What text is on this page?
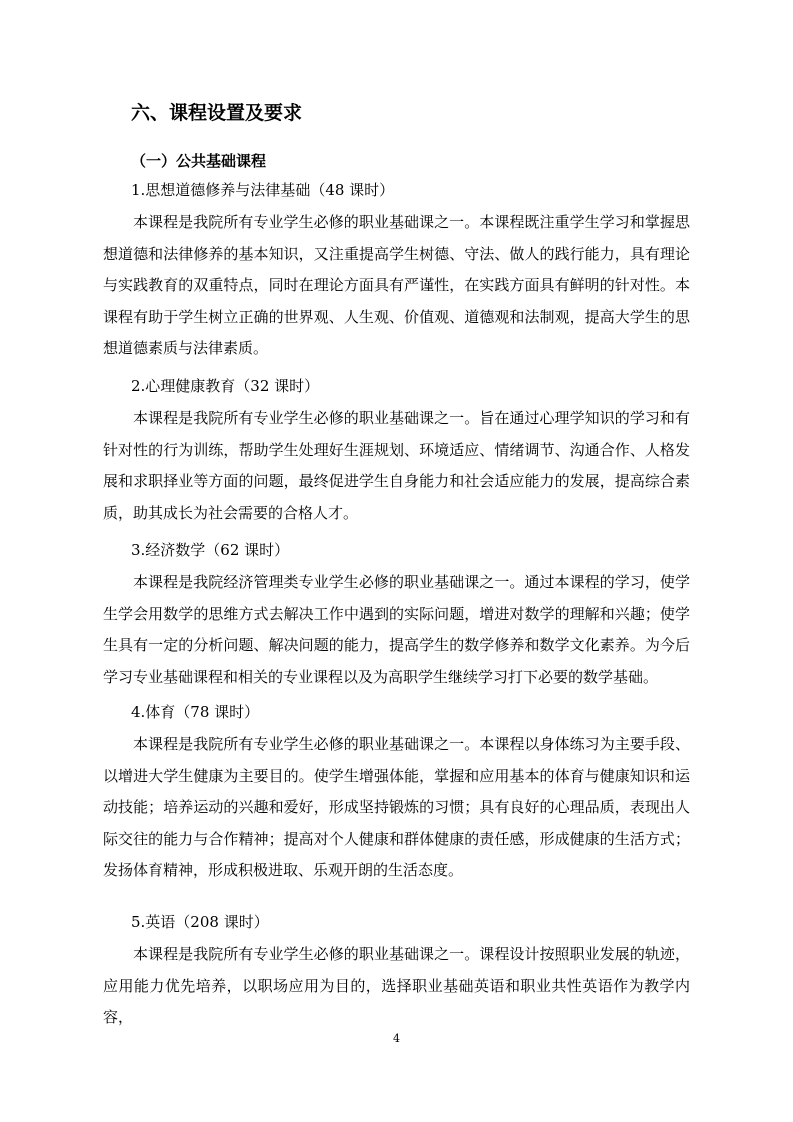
六、课程设置及要求
（一）公共基础课程
1.思想道德修养与法律基础（48 课时）

本课程是我院所有专业学生必修的职业基础课之一。本课程既注重学生学习和掌握思想道德和法律修养的基本知识，又注重提高学生树德、守法、做人的践行能力，具有理论与实践教育的双重特点，同时在理论方面具有严谨性，在实践方面具有鲜明的针对性。本课程有助于学生树立正确的世界观、人生观、价值观、道德观和法制观，提高大学生的思想道德素质与法律素质。

2.心理健康教育（32 课时）

本课程是我院所有专业学生必修的职业基础课之一。旨在通过心理学知识的学习和有针对性的行为训练，帮助学生处理好生涯规划、环境适应、情绪调节、沟通合作、人格发展和求职择业等方面的问题，最终促进学生自身能力和社会适应能力的发展，提高综合素质，助其成长为社会需要的合格人才。

3.经济数学（62 课时）

本课程是我院经济管理类专业学生必修的职业基础课之一。通过本课程的学习，使学生学会用数学的思维方式去解决工作中遇到的实际问题，增进对数学的理解和兴趣；使学生具有一定的分析问题、解决问题的能力，提高学生的数学修养和数学文化素养。为今后学习专业基础课程和相关的专业课程以及为高职学生继续学习打下必要的数学基础。

4.体育（78 课时）

本课程是我院所有专业学生必修的职业基础课之一。本课程以身体练习为主要手段、以增进大学生健康为主要目的。使学生增强体能，掌握和应用基本的体育与健康知识和运动技能；培养运动的兴趣和爱好，形成坚持锻炼的习惯；具有良好的心理品质，表现出人际交往的能力与合作精神；提高对个人健康和群体健康的责任感，形成健康的生活方式；发扬体育精神，形成积极进取、乐观开朗的生活态度。

5.英语（208 课时）

本课程是我院所有专业学生必修的职业基础课之一。课程设计按照职业发展的轨迹，应用能力优先培养，以职场应用为目的，选择职业基础英语和职业共性英语作为教学内容，

4
